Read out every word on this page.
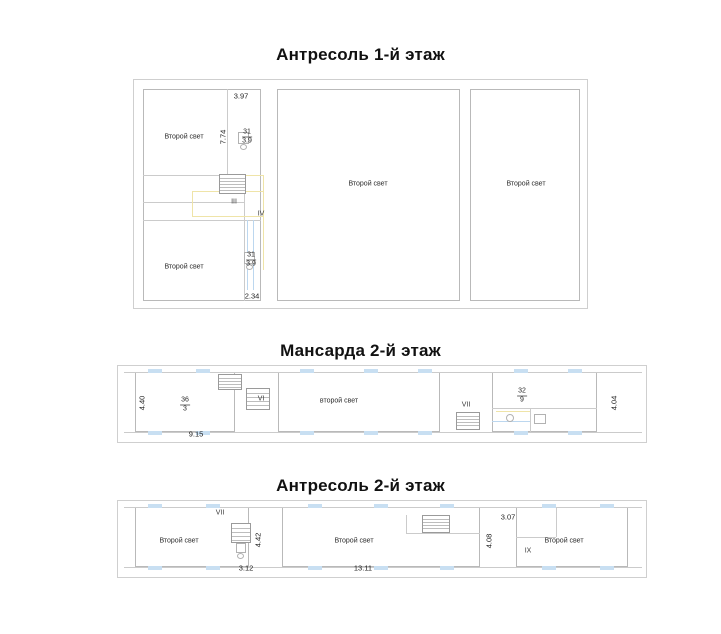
Антресоль 1-й этаж
Второй свет
Второй свет
Второй свет	Второй свет
31
3.9
31
3.9
III
IV
3.97
7.74
2.34
Мансарда 2-й этаж
второй свет
36
3
32
9
VI
VII
4.40
9.15
4.04
Антресоль 2-й этаж
Второй свет	Второй свет	Второй свет
VII
IX
4.42
3.12	13.11
3.07
4.08
